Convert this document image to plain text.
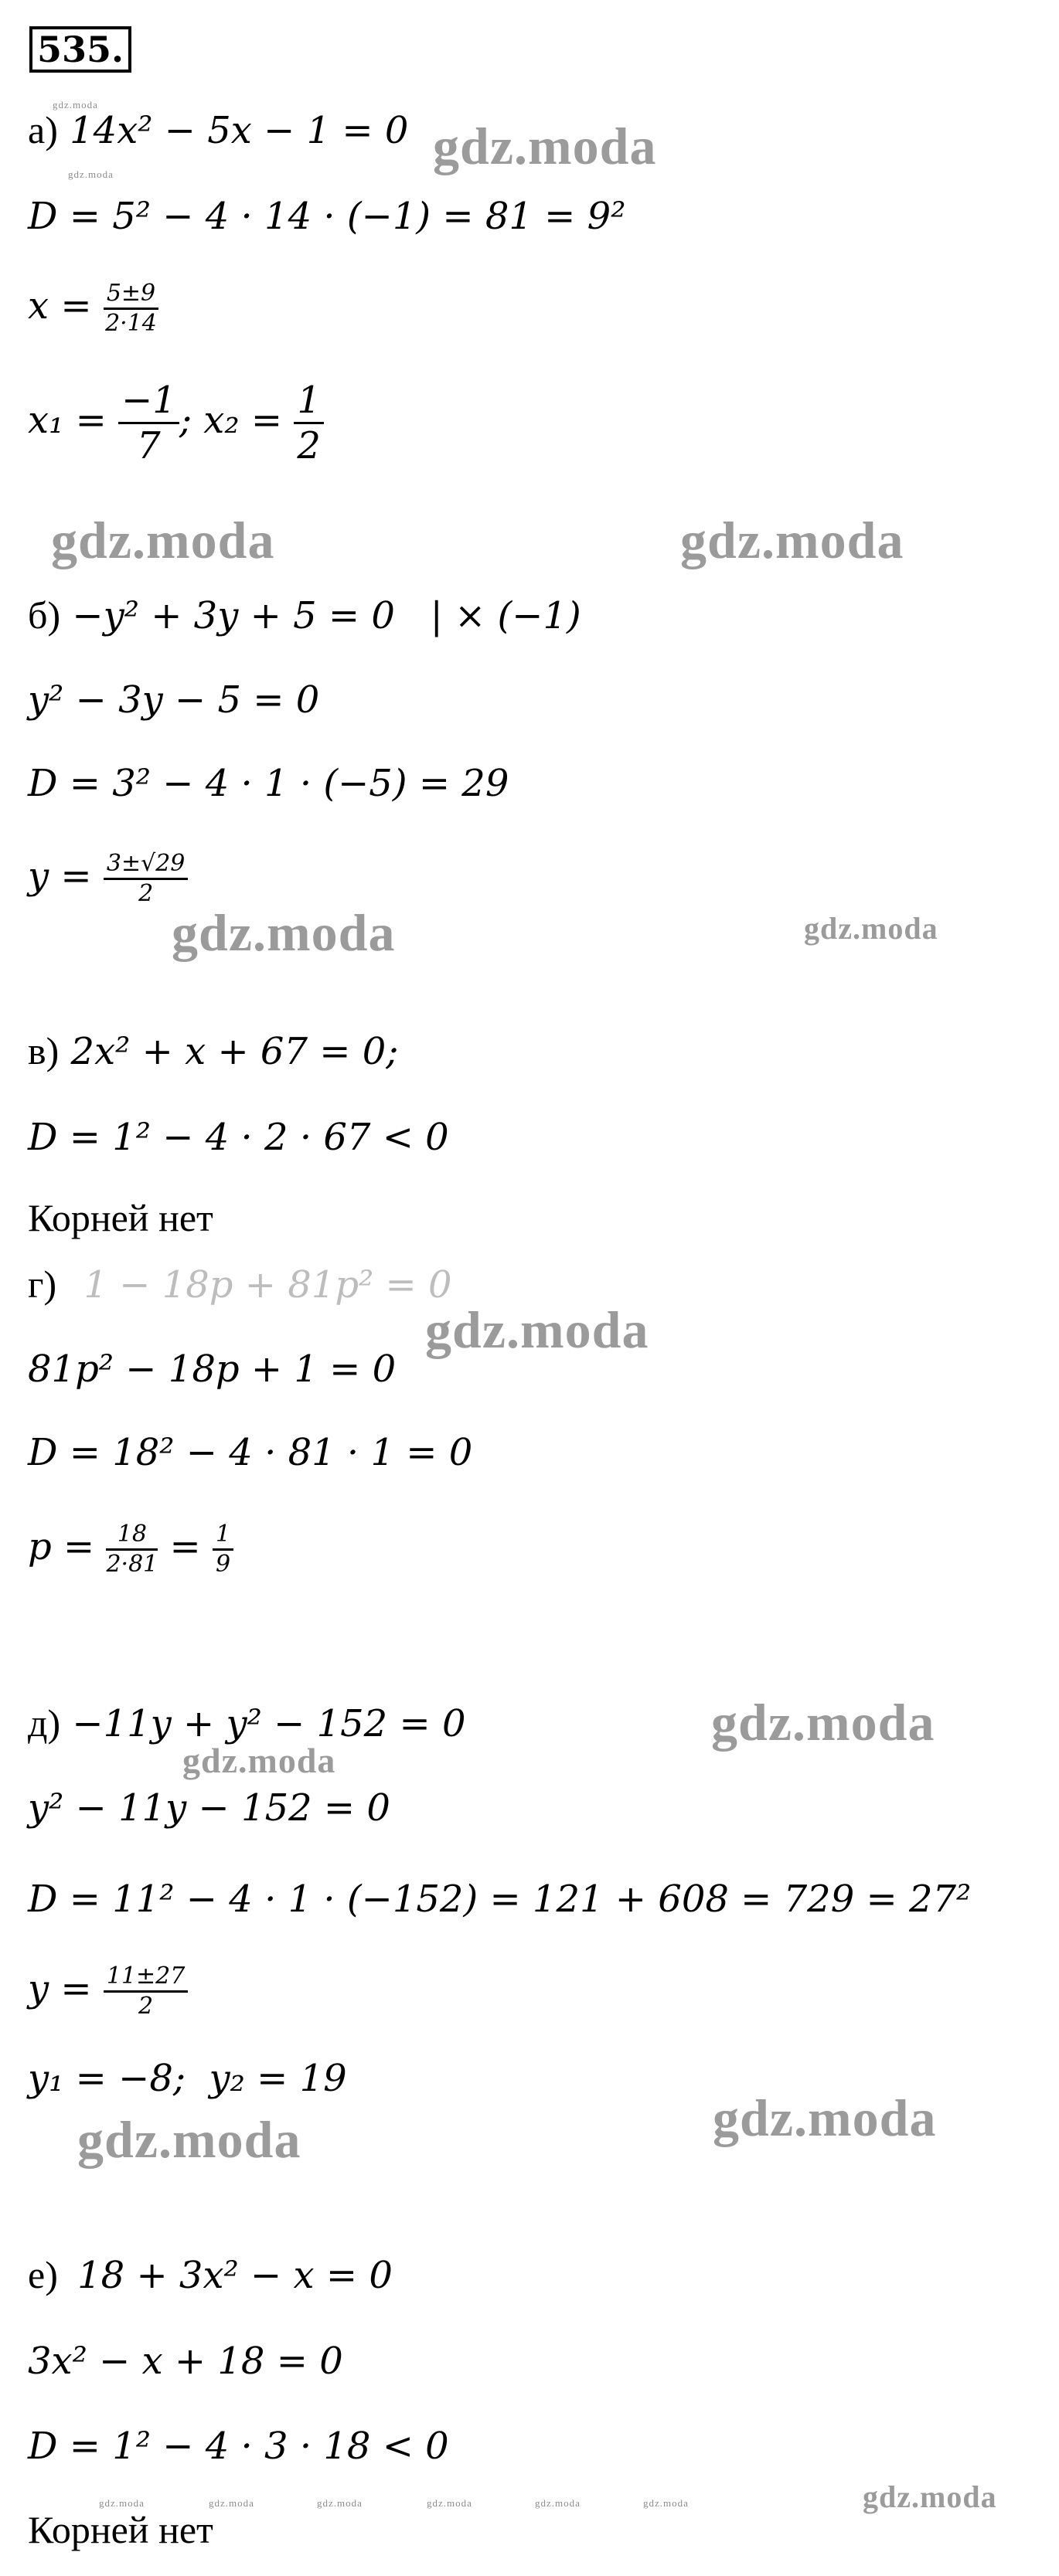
535.
а) 14x² − 5x − 1 = 0
D = 5² − 4 · 14 · (−1) = 81 = 9²
$x = \frac{5\pm 9}{2\cdot 14}$
$x_1 = \frac{-1}{7}$ ; $x_2 = \frac{1}{2}$
б) −y² + 3y + 5 = 0   | × (−1)
y² − 3y − 5 = 0
D = 3² − 4 · 1 · (−5) = 29
$y = \frac{3\pm√29}{2}$
в) 2x² + x + 67 = 0;
D = 1² − 4 · 2 · 67 < 0
Корней нет
г) 1 − 18p + 81p² = 0
81p² − 18p + 1 = 0
D = 18² − 4 · 81 · 1 = 0
$p = \frac{18}{2\cdot 81} = \frac{1}{9}$
д) −11y + y² − 152 = 0
y² − 11y − 152 = 0
D = 11² − 4 · 1 · (−152) = 121 + 608 = 729 = 27²
$y = \frac{11\pm 27}{2}$
y₁ = −8;  y₂ = 19
е) 18 + 3x² − x = 0
3x² − x + 18 = 0
D = 1² − 4 · 3 · 18 < 0
Корней нет
gdz.moda
gdz.moda
gdz.moda
gdz.moda	gdz.moda
gdz.moda	gdz.moda
gdz.moda
gdz.moda
gdz.moda
gdz.moda
gdz.moda
gdz.moda
gdz.moda	gdz.moda	gdz.moda	gdz.moda	gdz.moda	gdz.moda
